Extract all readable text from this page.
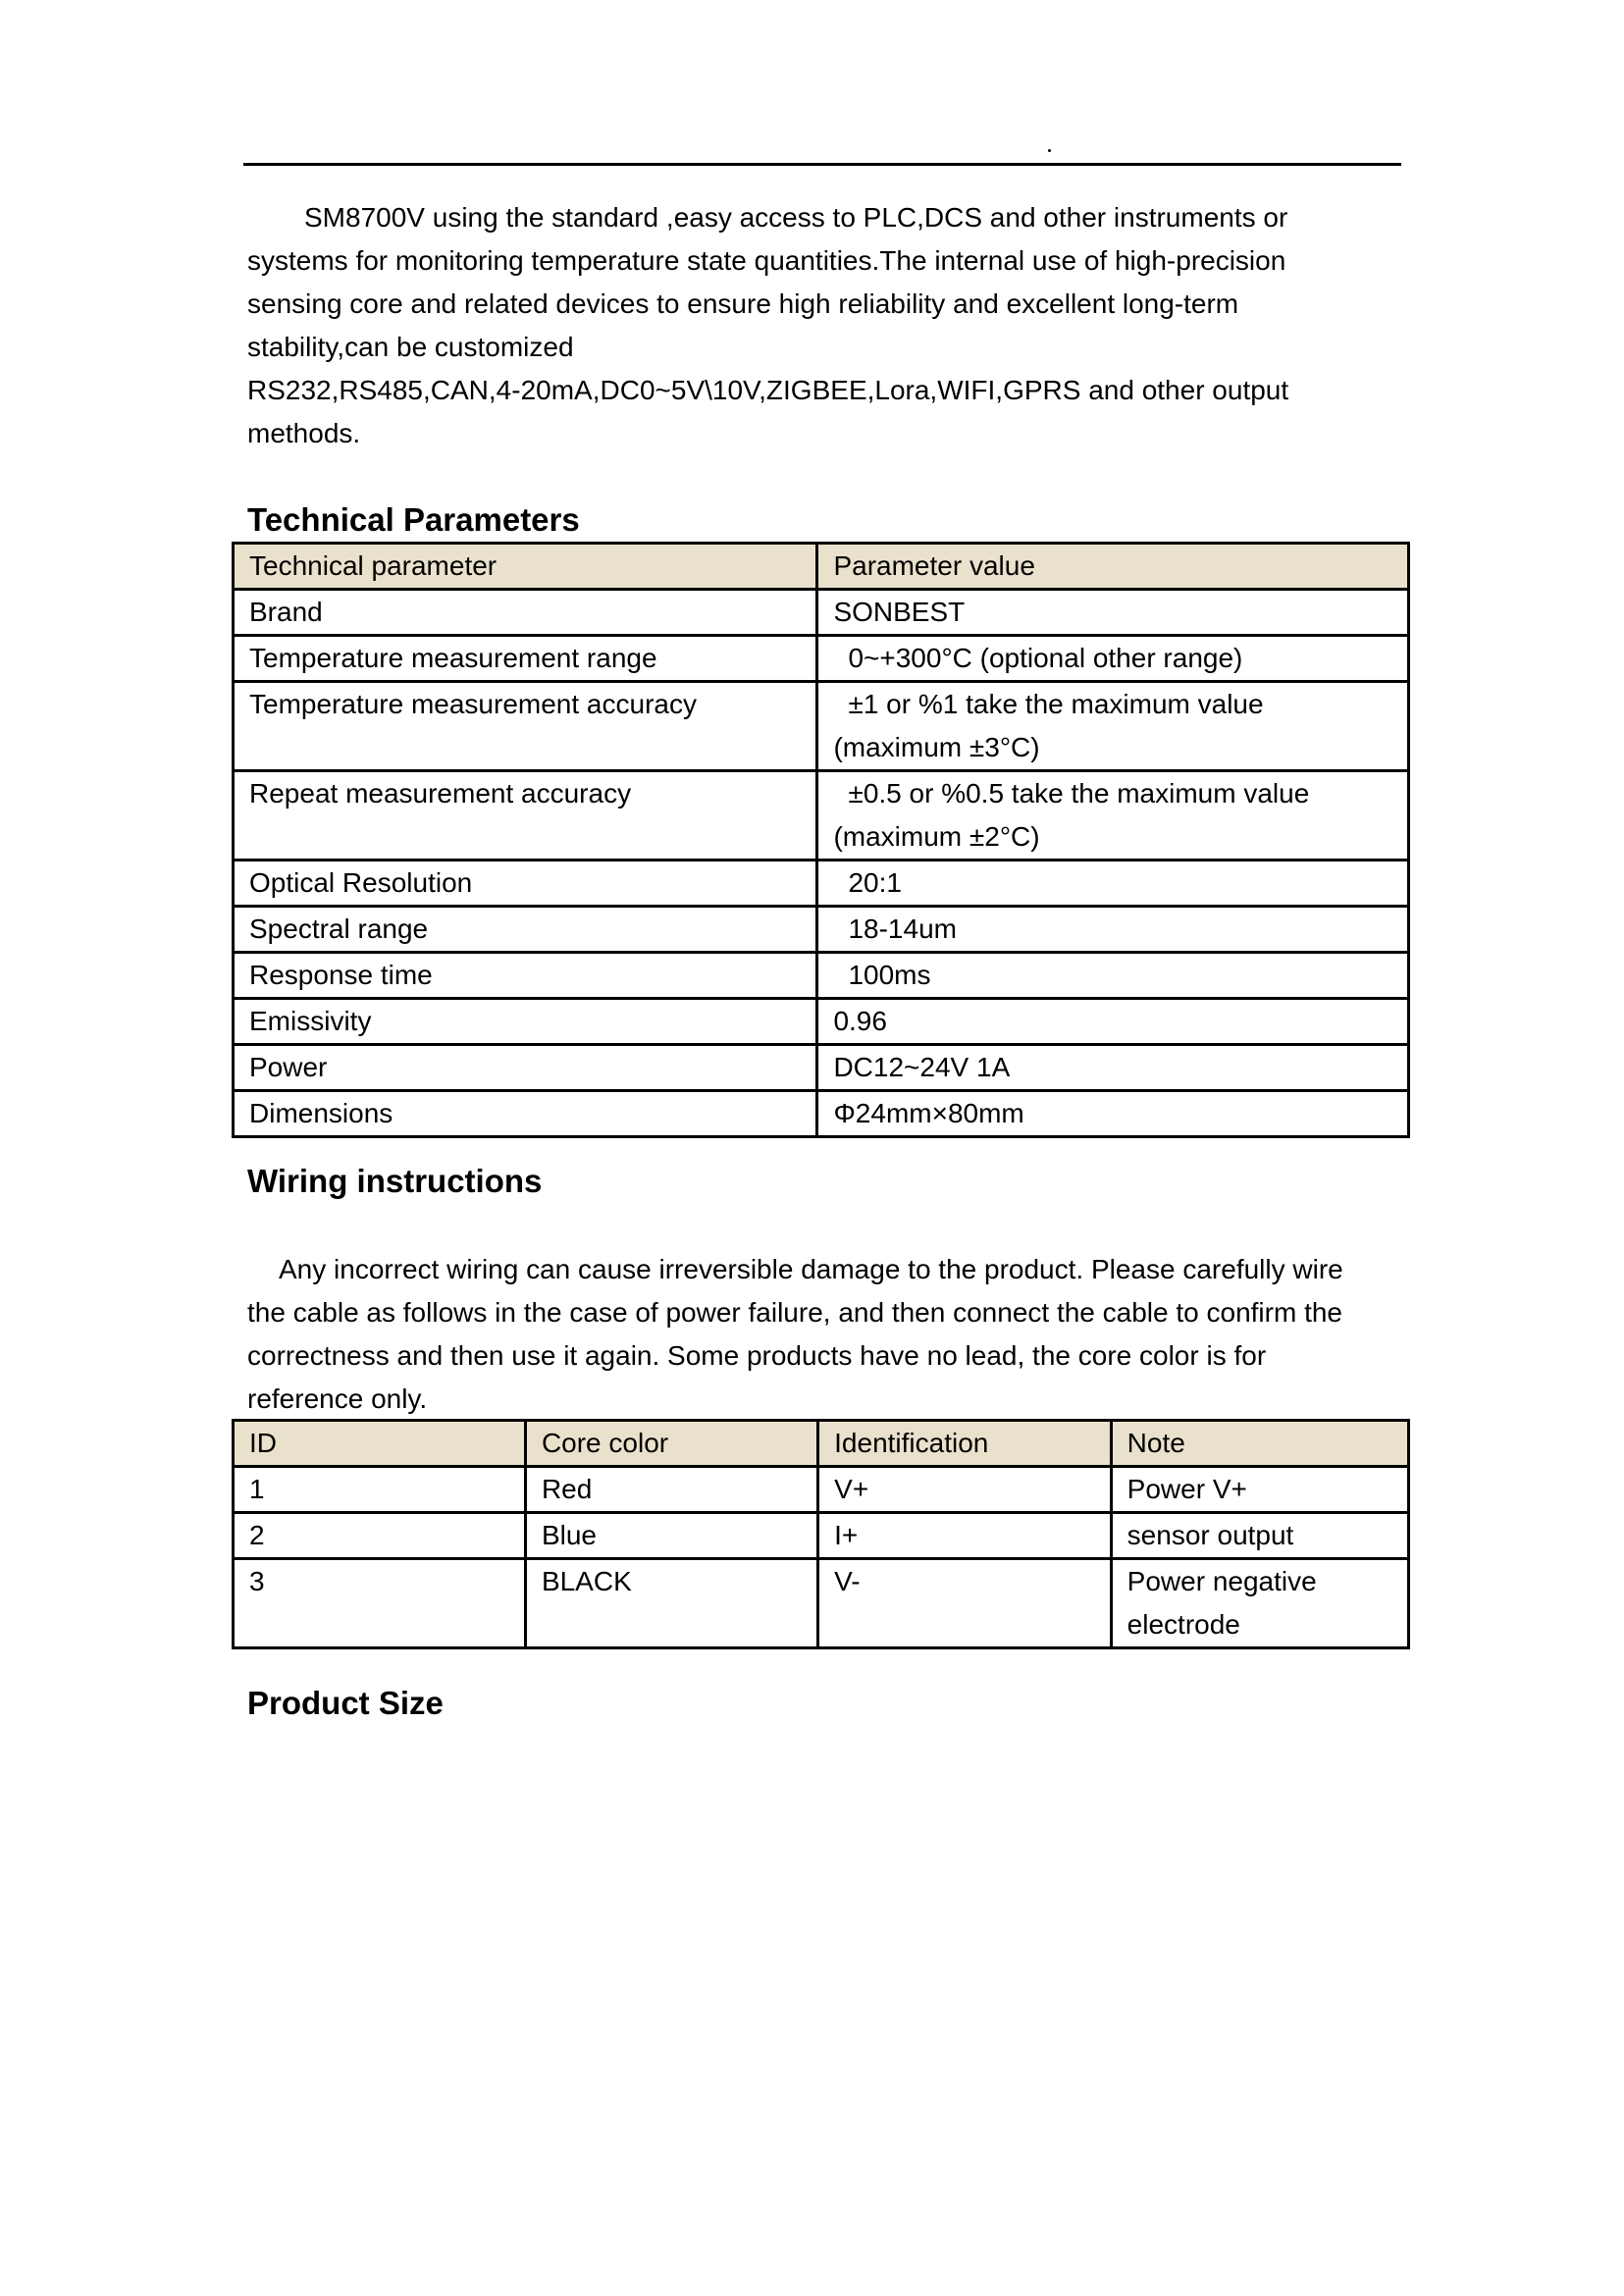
SM8700V using the standard ,easy access to PLC,DCS and other instruments or

systems for monitoring temperature state quantities.The internal use of high-precision

sensing core and related devices to ensure high reliability and excellent long-term

stability,can be customized

RS232,RS485,CAN,4-20mA,DC0~5V\10V,ZIGBEE,Lora,WIFI,GPRS and other output

methods.

Technical Parameters
Technical parameter	Parameter value
Brand	SONBEST
Temperature measurement range	0~+300°C (optional other range)
Temperature measurement accuracy	±1 or %1 take the maximum value
(maximum ±3°C)

Repeat measurement accuracy	±0.5 or %0.5 take the maximum value
(maximum ±2°C)

Optical Resolution	20:1
Spectral range	18-14um
Response time	100ms
Emissivity	0.96
Power	DC12~24V 1A
Dimensions	Φ24mm×80mm
Wiring instructions
Any incorrect wiring can cause irreversible damage to the product. Please carefully wire
the cable as follows in the case of power failure, and then connect the cable to confirm the
correctness and then use it again. Some products have no lead, the core color is for
reference only.
ID	Core color	Identification	Note
1	Red	V+	Power V+
2	Blue	I+	sensor output
3	BLACK	V-	Power negative
electrode
Product Size
